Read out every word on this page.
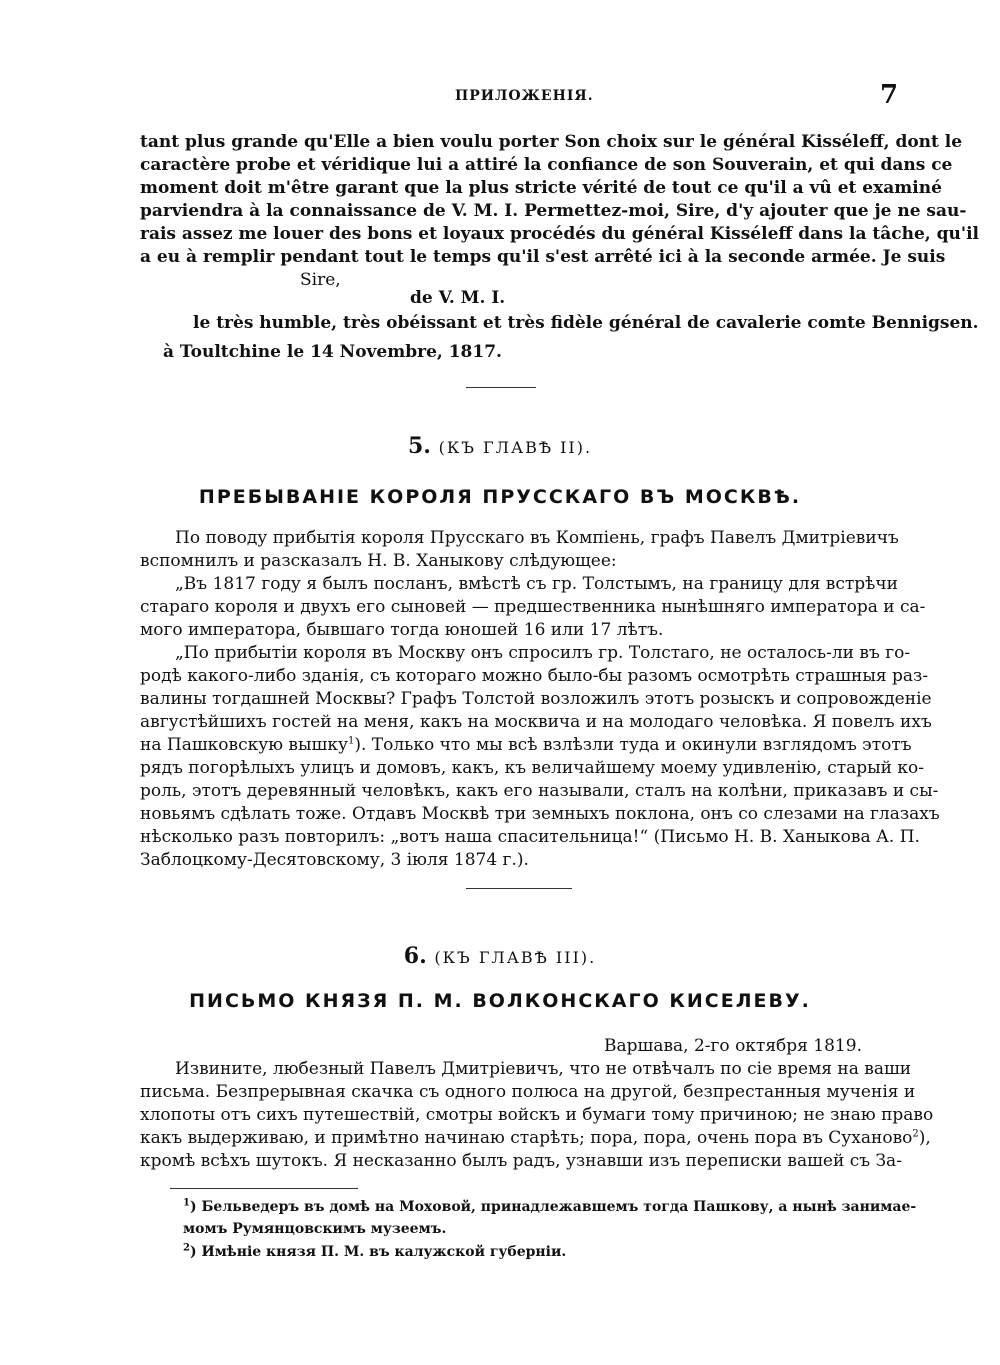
ПРИЛОЖЕНІЯ.	7
tant plus grande qu'Elle a bien voulu porter Son choix sur le général Kisséleff, dont le
caractère probe et véridique lui a attiré la confiance de son Souverain, et qui dans ce
moment doit m'être garant que la plus stricte vérité de tout ce qu'il a vû et examiné
parviendra à la connaissance de V. M. I. Permettez-moi, Sire, d'y ajouter que je ne sau-
rais assez me louer des bons et loyaux procédés du général Kisséleff dans la tâche, qu'il
a eu à remplir pendant tout le temps qu'il s'est arrêté ici à la seconde armée. Je suis
Sire,
de V. M. I.
le très humble, très obéissant et très fidèle général de cavalerie comte Bennigsen.
à Toultchine le 14 Novembre, 1817.
5. (КЪ ГЛАВѢ II).
ПРЕБЫВАНІЕ КОРОЛЯ ПРУССКАГО ВЪ МОСКВѢ.
По поводу прибытія короля Прусскаго въ Компіень, графъ Павелъ Дмитріевичъ
вспомнилъ и разсказалъ Н. В. Ханыкову слѣдующее:
„Въ 1817 году я былъ посланъ, вмѣстѣ съ гр. Толстымъ, на границу для встрѣчи
стараго короля и двухъ его сыновей — предшественника нынѣшняго императора и са-
мого императора, бывшаго тогда юношей 16 или 17 лѣтъ.
„По прибытіи короля въ Москву онъ спросилъ гр. Толстаго, не осталось-ли въ го-
родѣ какого-либо зданія, съ котораго можно было-бы разомъ осмотрѣть страшныя раз-
валины тогдашней Москвы? Графъ Толстой возложилъ этотъ розыскъ и сопровожденіе
августѣйшихъ гостей на меня, какъ на москвича и на молодаго человѣка. Я повелъ ихъ
на Пашковскую вышку$^1$ ). Только что мы всѣ взлѣзли туда и окинули взглядомъ этотъ
рядъ погорѣлыхъ улицъ и домовъ, какъ, къ величайшему моему удивленію, старый ко-
роль, этотъ деревянный человѣкъ, какъ его называли, сталъ на колѣни, приказавъ и сы-
новьямъ сдѣлать тоже. Отдавъ Москвѣ три земныхъ поклона, онъ со слезами на глазахъ
нѣсколько разъ повторилъ: „вотъ наша спасительница!“ (Письмо Н. В. Ханыкова А. П.
Заблоцкому-Десятовскому, 3 іюля 1874 г.).
6. (КЪ ГЛАВѢ III).
ПИСЬМО КНЯЗЯ П. М. ВОЛКОНСКАГО КИСЕЛЕВУ.
Варшава, 2-го октября 1819.
Извините, любезный Павелъ Дмитріевичъ, что не отвѣчалъ по сіе время на ваши
письма. Безпрерывная скачка съ одного полюса на другой, безпрестанныя мученія и
хлопоты отъ сихъ путешествій, смотры войскъ и бумаги тому причиною; не знаю право
какъ выдерживаю, и примѣтно начинаю старѣть; пора, пора, очень пора въ Суханово$^2$),
кромѣ всѣхъ шутокъ. Я несказанно былъ радъ, узнавши изъ переписки вашей съ За-
$^1$) Бельведеръ въ домѣ на Моховой, принадлежавшемъ тогда Пашкову, а нынѣ занимае-
момъ Румянцовскимъ музеемъ.
$^2$) Имѣніе князя П. М. въ калужской губерніи.
